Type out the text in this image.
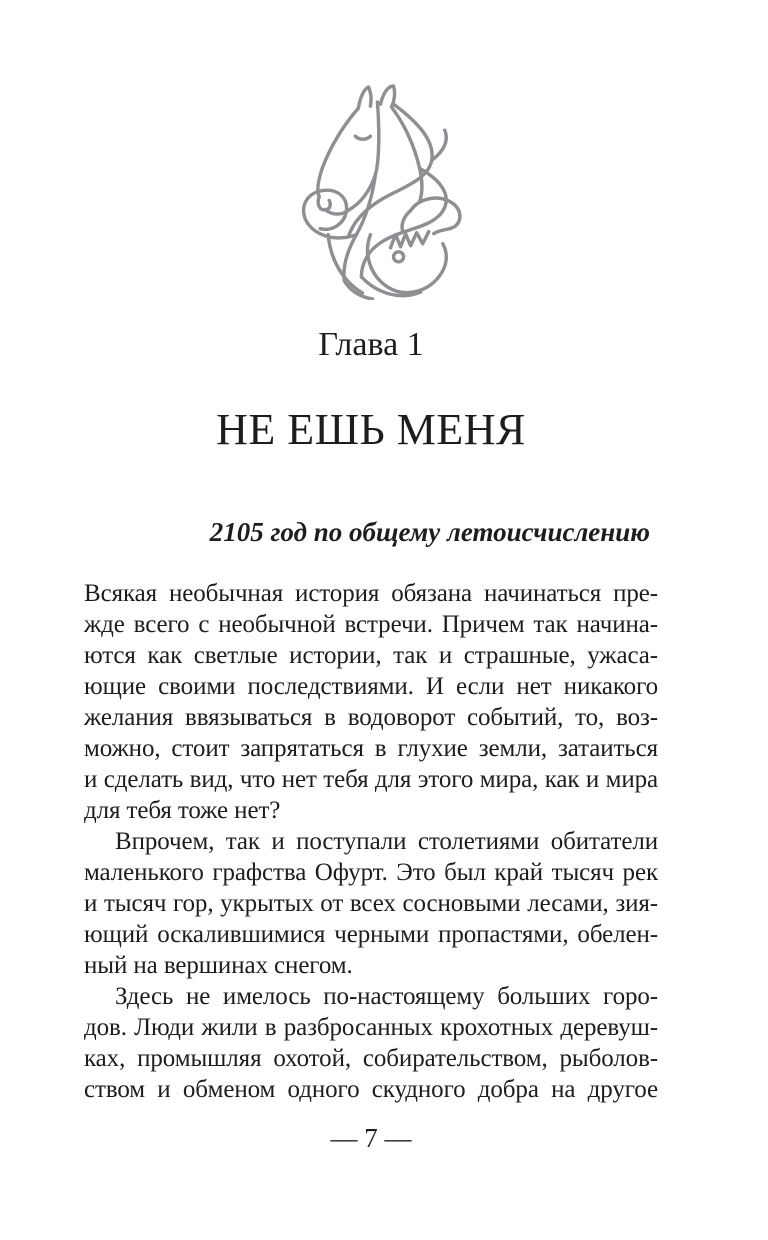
Глава 1
НЕ ЕШЬ МЕНЯ
2105 год по общему летоисчислению
Всякая необычная история обязана начинаться пре-
жде всего с необычной встречи. Причем так начина-
ются как светлые истории, так и страшные, ужаса-
ющие своими последствиями. И если нет никакого
желания ввязываться в водоворот событий, то, воз-
можно, стоит запрятаться в глухие земли, затаиться
и сделать вид, что нет тебя для этого мира, как и мира
для тебя тоже нет?
Впрочем, так и поступали столетиями обитатели
маленького графства Офурт. Это был край тысяч рек
и тысяч гор, укрытых от всех сосновыми лесами, зия-
ющий оскалившимися черными пропастями, обелен-
ный на вершинах снегом.
Здесь не имелось по-настоящему больших горо-
дов. Люди жили в разбросанных крохотных деревуш-
ках, промышляя охотой, собирательством, рыболов-
ством и обменом одного скудного добра на другое
— 7 —
